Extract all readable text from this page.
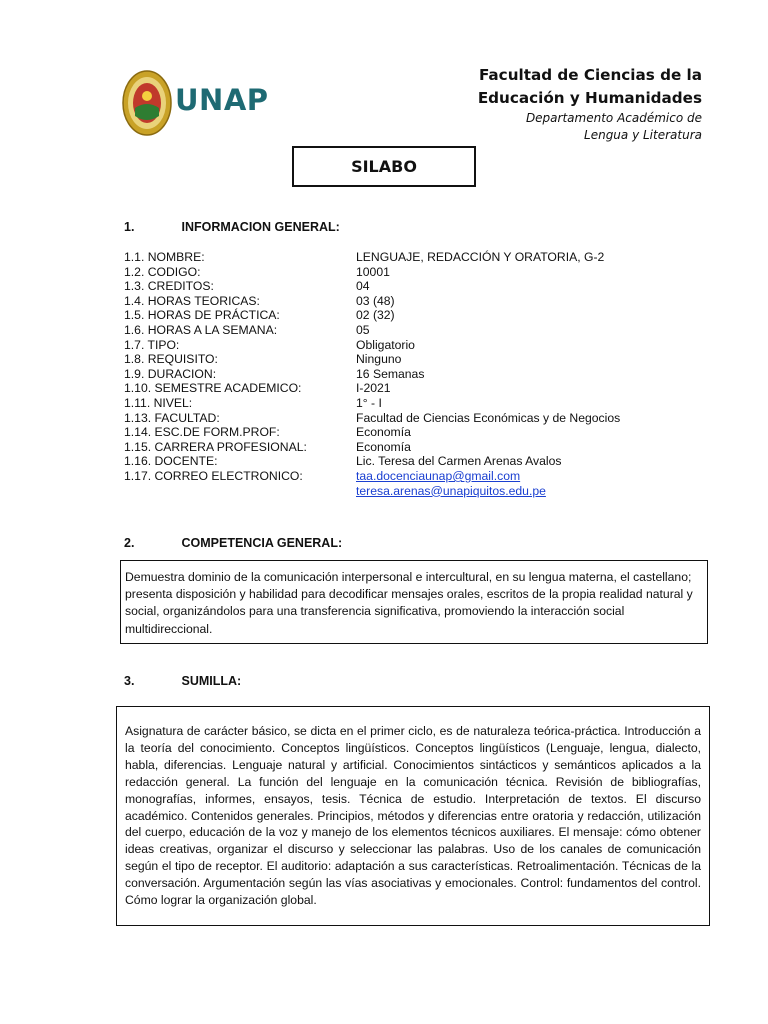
UNAP
Facultad de Ciencias de la
Educación y Humanidades
Departamento Académico de
Lengua y Literatura
SILABO
1.	INFORMACION GENERAL:
1.1. NOMBRE:	LENGUAJE, REDACCIÓN Y ORATORIA, G-2
1.2. CODIGO:	10001
1.3. CREDITOS:	04
1.4. HORAS TEORICAS:	03 (48)
1.5. HORAS DE PRÁCTICA:	02 (32)
1.6. HORAS A LA SEMANA:	05
1.7. TIPO:	Obligatorio
1.8. REQUISITO:	Ninguno
1.9. DURACION:	16 Semanas
1.10. SEMESTRE ACADEMICO:	I-2021
1.11. NIVEL:	1° - I
1.13. FACULTAD:	Facultad de Ciencias Económicas y de Negocios
1.14. ESC.DE FORM.PROF:	Economía
1.15. CARRERA PROFESIONAL:	Economía
1.16. DOCENTE:	Lic. Teresa del Carmen Arenas Avalos
1.17. CORREO ELECTRONICO:	taa.docenciaunap@gmail.com
teresa.arenas@unapiquitos.edu.pe
2.	COMPETENCIA GENERAL:
Demuestra dominio de la comunicación interpersonal e intercultural, en su lengua materna, el castellano; presenta disposición y habilidad para decodificar mensajes orales, escritos de la propia realidad natural y social, organizándolos para una transferencia significativa, promoviendo la interacción social multidireccional.
3.	SUMILLA:
Asignatura de carácter básico, se dicta en el primer ciclo, es de naturaleza teórica-práctica. Introducción a la teoría del conocimiento. Conceptos lingüísticos. Conceptos lingüísticos (Lenguaje, lengua, dialecto, habla, diferencias. Lenguaje natural y artificial. Conocimientos sintácticos y semánticos aplicados a la redacción general. La función del lenguaje en la comunicación técnica. Revisión de bibliografías, monografías, informes, ensayos, tesis. Técnica de estudio. Interpretación de textos. El discurso académico. Contenidos generales. Principios, métodos y diferencias entre oratoria y redacción, utilización del cuerpo, educación de la voz y manejo de los elementos técnicos auxiliares. El mensaje: cómo obtener ideas creativas, organizar el discurso y seleccionar las palabras. Uso de los canales de comunicación según el tipo de receptor. El auditorio: adaptación a sus características. Retroalimentación. Técnicas de la conversación. Argumentación según las vías asociativas y emocionales. Control: fundamentos del control. Cómo lograr la organización global.
